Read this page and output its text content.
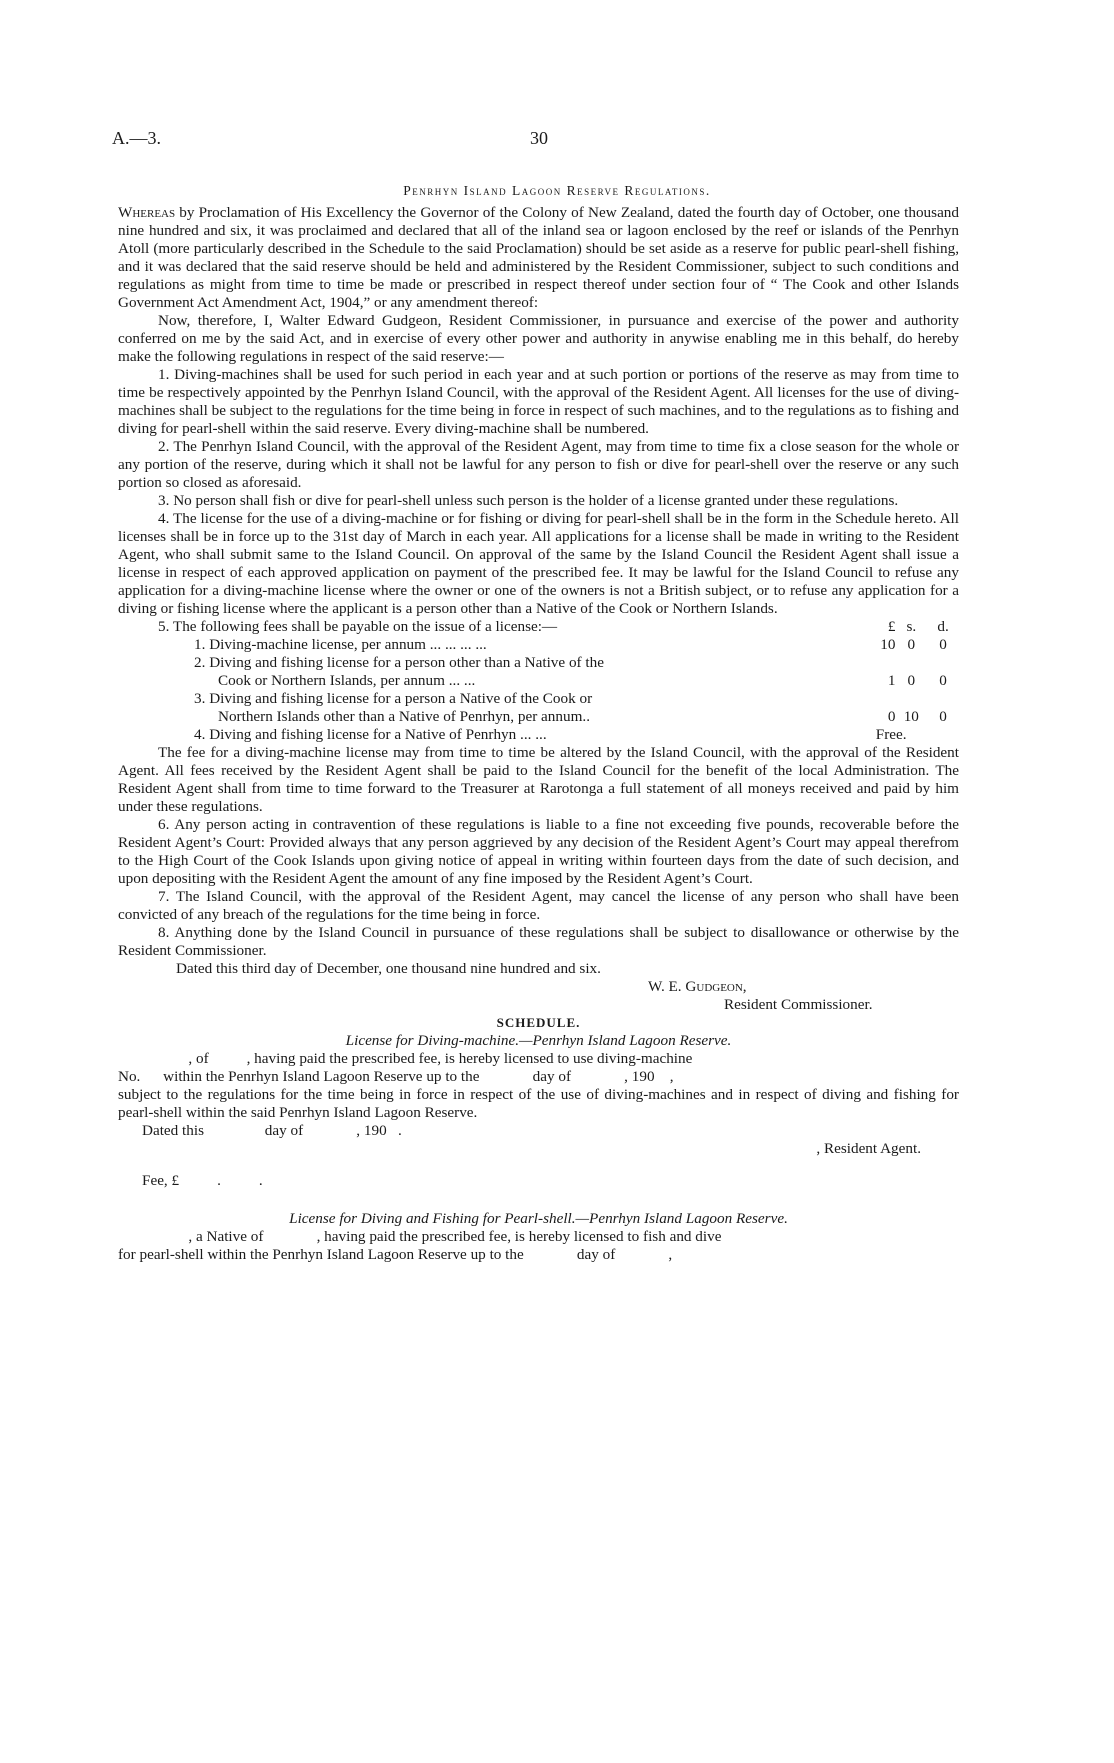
A.—3.	30
Penrhyn Island Lagoon Reserve Regulations.

Whereas by Proclamation of His Excellency the Governor of the Colony of New Zealand, dated the fourth day of October, one thousand nine hundred and six, it was proclaimed and declared that all of the inland sea or lagoon enclosed by the reef or islands of the Penrhyn Atoll (more particularly described in the Schedule to the said Proclamation) should be set aside as a reserve for public pearl-shell fishing, and it was declared that the said reserve should be held and administered by the Resident Commissioner, subject to such conditions and regulations as might from time to time be made or prescribed in respect thereof under section four of “ The Cook and other Islands Government Act Amendment Act, 1904,” or any amendment thereof:

Now, therefore, I, Walter Edward Gudgeon, Resident Commissioner, in pursuance and exercise of the power and authority conferred on me by the said Act, and in exercise of every other power and authority in anywise enabling me in this behalf, do hereby make the following regulations in respect of the said reserve:—

1. Diving-machines shall be used for such period in each year and at such portion or portions of the reserve as may from time to time be respectively appointed by the Penrhyn Island Council, with the approval of the Resident Agent. All licenses for the use of diving-machines shall be subject to the regulations for the time being in force in respect of such machines, and to the regulations as to fishing and diving for pearl-shell within the said reserve. Every diving-machine shall be numbered.

2. The Penrhyn Island Council, with the approval of the Resident Agent, may from time to time fix a close season for the whole or any portion of the reserve, during which it shall not be lawful for any person to fish or dive for pearl-shell over the reserve or any such portion so closed as aforesaid.

3. No person shall fish or dive for pearl-shell unless such person is the holder of a license granted under these regulations.

4. The license for the use of a diving-machine or for fishing or diving for pearl-shell shall be in the form in the Schedule hereto. All licenses shall be in force up to the 31st day of March in each year. All applications for a license shall be made in writing to the Resident Agent, who shall submit same to the Island Council. On approval of the same by the Island Council the Resident Agent shall issue a license in respect of each approved application on payment of the prescribed fee. It may be lawful for the Island Council to refuse any application for a diving-machine license where the owner or one of the owners is not a British subject, or to refuse any application for a diving or fishing license where the applicant is a person other than a Native of the Cook or Northern Islands.

5. The following fees shall be payable on the issue of a license:—	£	s.	d.
1. Diving-machine license, per annum ... ... ... ...	10	0	0
2. Diving and fishing license for a person other than a Native of the			
Cook or Northern Islands, per annum ... ...	1	0	0
3. Diving and fishing license for a person a Native of the Cook or			
Northern Islands other than a Native of Penrhyn, per annum..	0	10	0
4. Diving and fishing license for a Native of Penrhyn ... ...	Free.		

The fee for a diving-machine license may from time to time be altered by the Island Council, with the approval of the Resident Agent. All fees received by the Resident Agent shall be paid to the Island Council for the benefit of the local Administration. The Resident Agent shall from time to time forward to the Treasurer at Rarotonga a full statement of all moneys received and paid by him under these regulations.

6. Any person acting in contravention of these regulations is liable to a fine not exceeding five pounds, recoverable before the Resident Agent’s Court: Provided always that any person aggrieved by any decision of the Resident Agent’s Court may appeal therefrom to the High Court of the Cook Islands upon giving notice of appeal in writing within fourteen days from the date of such decision, and upon depositing with the Resident Agent the amount of any fine imposed by the Resident Agent’s Court.

7. The Island Council, with the approval of the Resident Agent, may cancel the license of any person who shall have been convicted of any breach of the regulations for the time being in force.

8. Anything done by the Island Council in pursuance of these regulations shall be subject to disallowance or otherwise by the Resident Commissioner.

Dated this third day of December, one thousand nine hundred and six.

W. E. Gudgeon,

Resident Commissioner.

SCHEDULE.

License for Diving-machine.—Penrhyn Island Lagoon Reserve.

, of          , having paid the prescribed fee, is hereby licensed to use diving-machine

No.      within the Penrhyn Island Lagoon Reserve up to the              day of              , 190    ,

subject to the regulations for the time being in force in respect of the use of diving-machines and in respect of diving and fishing for pearl-shell within the said Penrhyn Island Lagoon Reserve.

Dated this                day of              , 190   .

, Resident Agent.

Fee, £          .          .

License for Diving and Fishing for Pearl-shell.—Penrhyn Island Lagoon Reserve.

, a Native of              , having paid the prescribed fee, is hereby licensed to fish and dive

for pearl-shell within the Penrhyn Island Lagoon Reserve up to the              day of              ,
